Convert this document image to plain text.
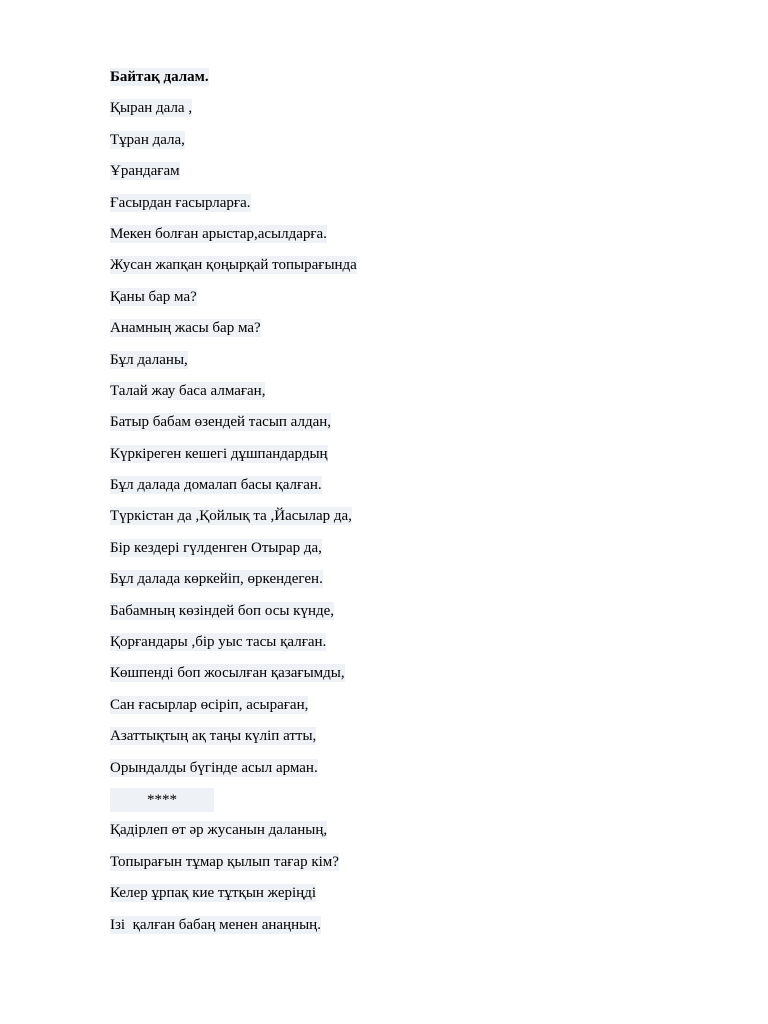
Байтақ далам.
Қыран дала ,
Тұран дала,
Ұрандағам
Ғасырдан ғасырларға.
Мекен болған арыстар,асылдарға.
Жусан жапқан қоңырқай топырағында
Қаны бар ма?
Анамның жасы бар ма?
Бұл даланы,
Талай жау баса алмаған,
Батыр бабам өзендей тасып алдан,
Күркіреген кешегі дұшпандардың
Бұл далада домалап басы қалған.
Түркістан да ,Қойлық та ,Йасылар да,
Бір кездері гүлденген Отырар да,
Бұл далада көркейіп, өркендеген.
Бабамның көзіндей боп осы күнде,
Қорғандары ,бір уыс тасы қалған.
Көшпенді боп жосылған қазағымды,
Сан ғасырлар өсіріп, асыраған,
Азаттықтың ақ таңы күліп атты,
Орындалды бүгінде асыл арман.
****
Қадірлеп өт әр жусанын даланың,
Топырағын тұмар қылып тағар кім?
Келер ұрпақ кие тұтқын жеріңді
Ізі  қалған бабаң менен анаңның.
